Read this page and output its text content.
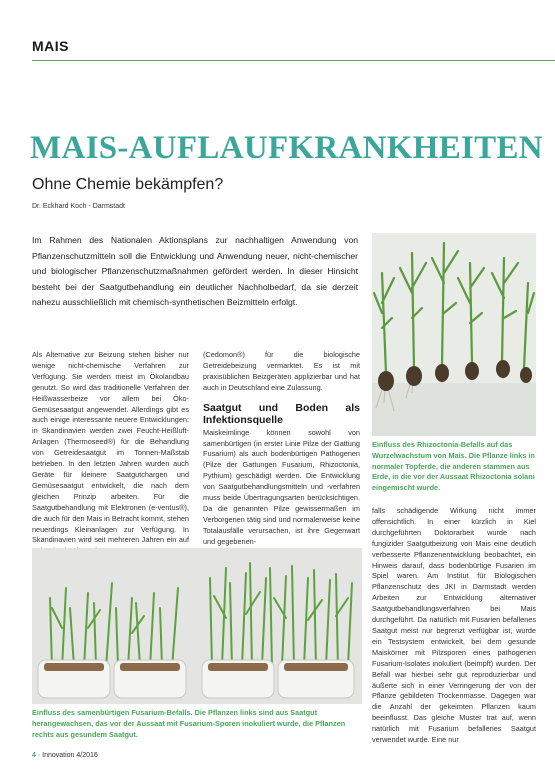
MAIS
MAIS-AUFLAUFKRANKHEITEN
Ohne Chemie bekämpfen?
Dr. Eckhard Koch - Darmstadt
Im Rahmen des Nationalen Aktionsplans zur nachhaltigen Anwendung von Pflanzenschutzmitteln soll die Entwicklung und Anwendung neuer, nicht-chemischer und biologischer Pflanzenschutzmaßnahmen gefördert werden. In dieser Hinsicht besteht bei der Saatgutbehandlung ein deutlicher Nachholbedarf, da sie derzeit nahezu ausschließlich mit chemisch-synthetischen Beizmitteln erfolgt.
Einfluss des Rhizoctonia-Befalls auf das Wurzelwachstum von Mais. Die Pflanze links in normaler Topferde, die anderen stammen aus Erde, in die vor der Aussaat Rhizoctonia solani eingemischt wurde.

Als Alternative zur Beizung stehen bisher nur wenige nicht-chemische Verfahren zur Verfügung. Sie werden meist im Ökolandbau genutzt. So wird das traditionelle Verfahren der Heißwasserbeize vor allem bei Öko-Gemüsesaatgut angewendet. Allerdings gibt es auch einige interessante neuere Entwicklungen: in Skandinavien werden zwei Feucht-Heißluft-Anlagen (Thermoseed®) für die Behandlung von Getreidesaatgut im Tonnen-Maßstab betrieben. In den letzten Jahren wurden auch Geräte für kleinere Saatgutchargen und Gemüsesaatgut entwickelt, die nach dem gleichen Prinzip arbeiten. Für die Saatgutbehandlung mit Elektronen (e-ventus®), die auch für den Mais in Betracht kommt, stehen neuerdings Kleinanlagen zur Verfügung. In Skandinavien wird seit mehreren Jahren ein auf

(Cedomon®) für die biologische Getreidebeizung vermarktet. Es ist mit praxisüblichen Beizgeräten applizierbar und hat auch in Deutschland eine Zulassung.

Saatgut und Boden als Infektionsquelle

Maiskeimlinge können sowohl von samenbürtigen (in erster Linie Pilze der Gattung Fusarium) als auch bodenbürtigen Pathogenen (Pilze der Gattungen Fusarium, Rhizoctonia, Pythium) geschädigt werden. Die Entwicklung von Saatgutbehandlungsmitteln und -verfahren muss beide Übertragungsarten berücksichtigen. Da die genannten Pilze gewissermaßen im Verborgenen tätig sind und normalerweise keine Totalausfälle verursachen, ist ihre Gegenwart und gegebenen-

falls schädigende Wirkung nicht immer offensichtlich. In einer kürzlich in Kiel durchgeführten Doktorarbeit wurde nach fungizider Saatgutbeizung von Mais eine deutlich verbesserte Pflanzenentwicklung beobachtet, ein Hinweis darauf, dass bodenbürtige Fusarien im Spiel waren. Am Institut für Biologischen Pflanzenschutz des JKI in Darmstadt werden Arbeiten zur Entwicklung alternativer Saatgutbehandlungsverfahren bei Mais durchgeführt. Da natürlich mit Fusarien befallenes Saatgut meist nur begrenzt verfügbar ist, wurde ein Testsystem entwickelt, bei dem gesunde Maiskörner mit Pilzsporen eines pathogenen Fusarium-Isolates inokuliert (beimpft) wurden. Der Befall war hierbei sehr gut reproduzierbar und äußerte sich in einer Verringerung der von der Pflanze gebildeten Trockenmasse. Dagegen war die Anzahl der gekeimten Pflanzen kaum beeinflusst. Das gleiche Muster trat auf, wenn natürlich mit Fusarium befallenes Saatgut verwendet wurde. Eine nur

Einfluss des samenbürtigen Fusarium-Befalls. Die Pflanzen links sind aus Saatgut herangewachsen, das vor der Aussaat mit Fusarium-Sporen inokuliert wurde, die Pflanzen rechts aus gesundem Saatgut.
4 · Innovation 4/2016
